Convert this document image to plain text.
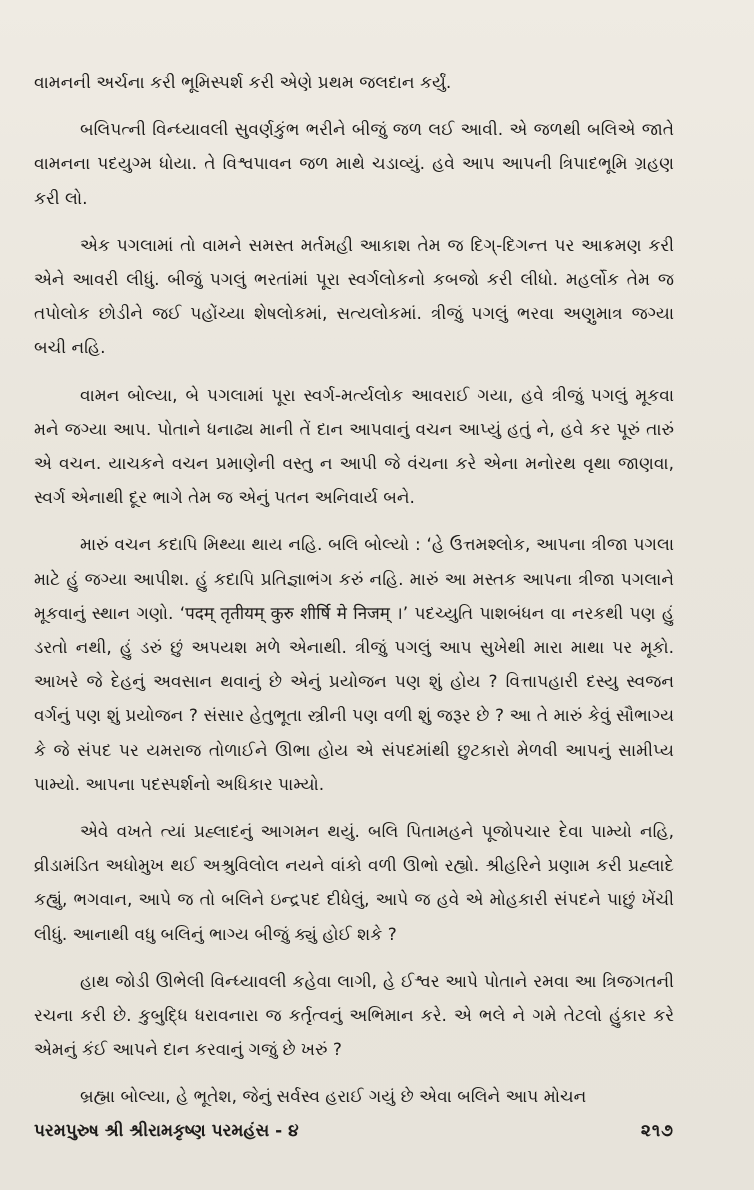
વામનની અર્ચના કરી ભૂમિસ્પર્શ કરી એણે પ્રથમ જલદાન કર્યું.

બલિપત્ની વિન્ધ્યાવલી સુવર્ણકુંભ ભરીને બીજું જળ લઈ આવી. એ જળથી બલિએ જાતે વામનના પદયુગ્મ ધોયા. તે વિશ્વપાવન જળ માથે ચડાવ્યું. હવે આપ આપની ત્રિપાદભૂમિ ગ્રહણ કરી લો.

એક પગલામાં તો વામને સમસ્ત મર્તમહી આકાશ તેમ જ દિગ્-દિગન્ત પર આક્રમણ કરી એને આવરી લીધું. બીજું પગલું ભરતાંમાં પૂરા સ્વર્ગલોકનો કબજો કરી લીધો. મહર્લોક તેમ જ તપોલોક છોડીને જઈ પહોંચ્યા શેષલોકમાં, સત્યલોકમાં. ત્રીજું પગલું ભરવા અણુમાત્ર જગ્યા બચી નહિ.

વામન બોલ્યા, બે પગલામાં પૂરા સ્વર્ગ-મર્ત્યલોક આવરાઈ ગયા, હવે ત્રીજું પગલું મૂકવા મને જગ્યા આપ. પોતાને ધનાઢ્ય માની તેં દાન આપવાનું વચન આપ્યું હતું ને, હવે કર પૂરું તારું એ વચન. યાચકને વચન પ્રમાણેની વસ્તુ ન આપી જે વંચના કરે એના મનોરથ વૃથા જાણવા, સ્વર્ગ એનાથી દૂર ભાગે તેમ જ એનું પતન અનિવાર્ય બને.

મારું વચન કદાપિ મિથ્યા થાય નહિ. બલિ બોલ્યો : ‘હે ઉત્તમશ્લોક, આપના ત્રીજા પગલા માટે હું જગ્યા આપીશ. હું કદાપિ પ્રતિજ્ઞાભંગ કરું નહિ. મારું આ મસ્તક આપના ત્રીજા પગલાને મૂકવાનું સ્થાન ગણો. ‘पदम् तृतीयम् कुरु शीर्षि मे निजम् ।’ પદચ્યુતિ પાશબંધન વા નરકથી પણ હું ડરતો નથી, હું ડરું છું અપયશ મળે એનાથી. ત્રીજું પગલું આપ સુખેથી મારા માથા પર મૂકો. આખરે જે દેહનું અવસાન થવાનું છે એનું પ્રયોજન પણ શું હોય ? વિત્તાપહારી દસ્યુ સ્વજન વર્ગનું પણ શું પ્રયોજન ? સંસાર હેતુભૂતા સ્ત્રીની પણ વળી શું જરૂર છે ? આ તે મારું કેવું સૌભાગ્ય કે જે સંપદ પર યમરાજ તોળાઈને ઊભા હોય એ સંપદમાંથી છુટકારો મેળવી આપનું સામીપ્ય પામ્યો. આપના પદસ્પર્શનો અધિકાર પામ્યો.

એવે વખતે ત્યાં પ્રહ્લાદનું આગમન થયું. બલિ પિતામહને પૂજોપચાર દેવા પામ્યો નહિ, વ્રીડામંડિત અધોમુખ થઈ અશ્રુવિલોલ નયને વાંકો વળી ઊભો રહ્યો. શ્રીહરિને પ્રણામ કરી પ્રહ્લાદે કહ્યું, ભગવાન, આપે જ તો બલિને ઇન્દ્રપદ દીધેલું, આપે જ હવે એ મોહકારી સંપદને પાછું ખેંચી લીધું. આનાથી વધુ બલિનું ભાગ્ય બીજું ક્યું હોઈ શકે ?

હાથ જોડી ઊભેલી વિન્ધ્યાવલી કહેવા લાગી, હે ઈશ્વર આપે પોતાને રમવા આ ત્રિજગતની રચના કરી છે. કુબુદ્ધિ ધરાવનારા જ કર્તૃત્વનું અભિમાન કરે. એ ભલે ને ગમે તેટલો હુંકાર કરે એમનું કંઈ આપને દાન કરવાનું ગજું છે ખરું ?

બ્રહ્મા બોલ્યા, હે ભૂતેશ, જેનું સર્વસ્વ હરાઈ ગયું છે એવા બલિને આપ મોચન

પરમપુરુષ શ્રી શ્રીરામકૃષ્ણ પરમહંસ - ૪	૨૧૭
